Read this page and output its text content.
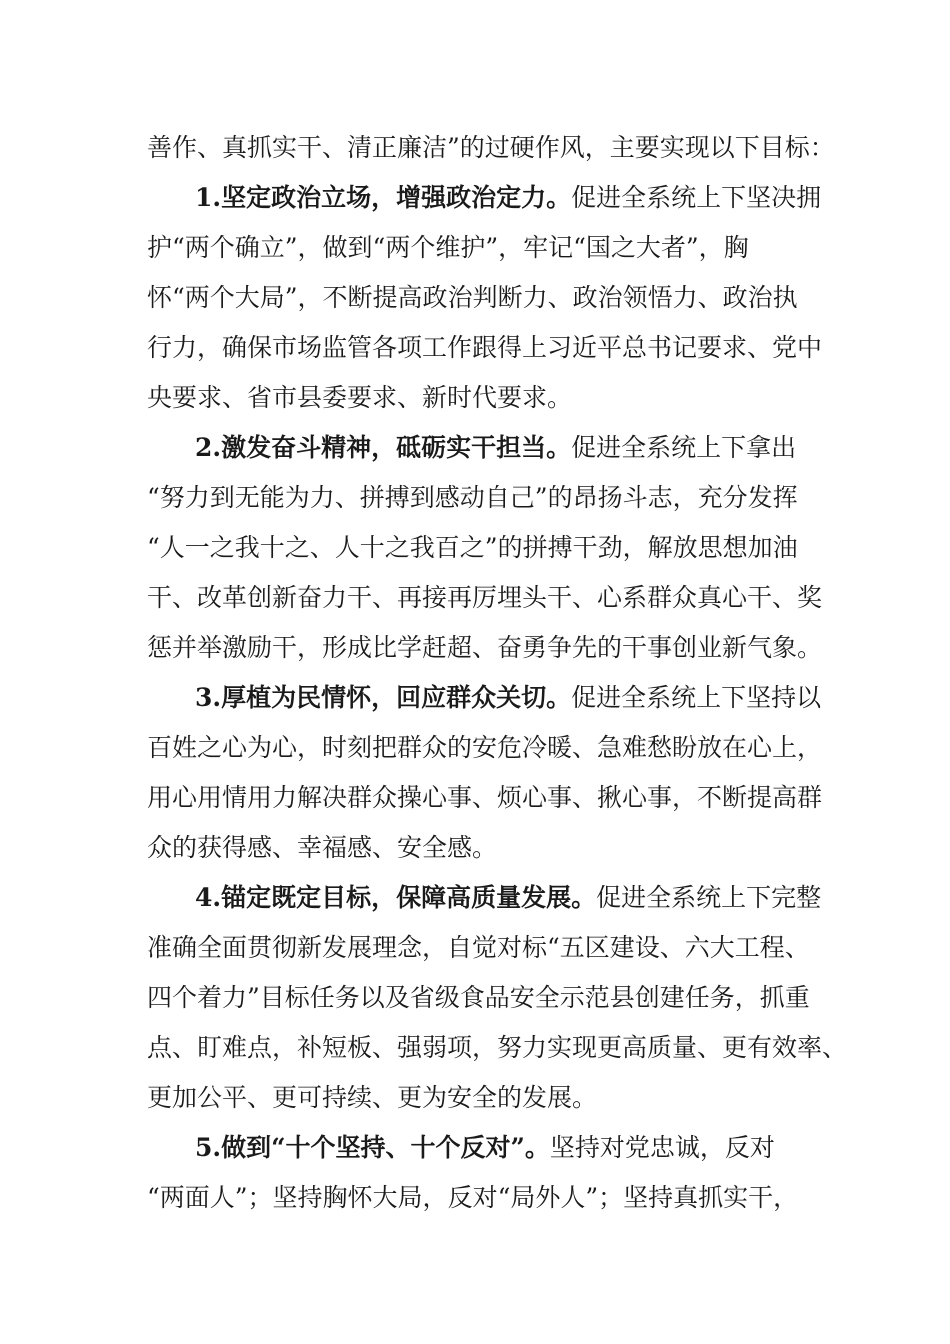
善作、真抓实干、清正廉洁”的过硬作风，主要实现以下目标：
1.坚定政治立场，增强政治定力。促进全系统上下坚决拥
护“两个确立”，做到“两个维护”，牢记“国之大者”，胸
怀“两个大局”，不断提高政治判断力、政治领悟力、政治执
行力，确保市场监管各项工作跟得上习近平总书记要求、党中
央要求、省市县委要求、新时代要求。
2.激发奋斗精神，砥砺实干担当。促进全系统上下拿出
“努力到无能为力、拼搏到感动自己”的昂扬斗志，充分发挥
“人一之我十之、人十之我百之”的拼搏干劲，解放思想加油
干、改革创新奋力干、再接再厉埋头干、心系群众真心干、奖
惩并举激励干，形成比学赶超、奋勇争先的干事创业新气象。
3.厚植为民情怀，回应群众关切。促进全系统上下坚持以
百姓之心为心，时刻把群众的安危冷暖、急难愁盼放在心上，
用心用情用力解决群众操心事、烦心事、揪心事，不断提高群
众的获得感、幸福感、安全感。
4.锚定既定目标，保障高质量发展。促进全系统上下完整
准确全面贯彻新发展理念，自觉对标“五区建设、六大工程、
四个着力”目标任务以及省级食品安全示范县创建任务，抓重
点、盯难点，补短板、强弱项，努力实现更高质量、更有效率、
更加公平、更可持续、更为安全的发展。
5.做到“十个坚持、十个反对”。坚持对党忠诚，反对
“两面人”；坚持胸怀大局，反对“局外人”；坚持真抓实干，
